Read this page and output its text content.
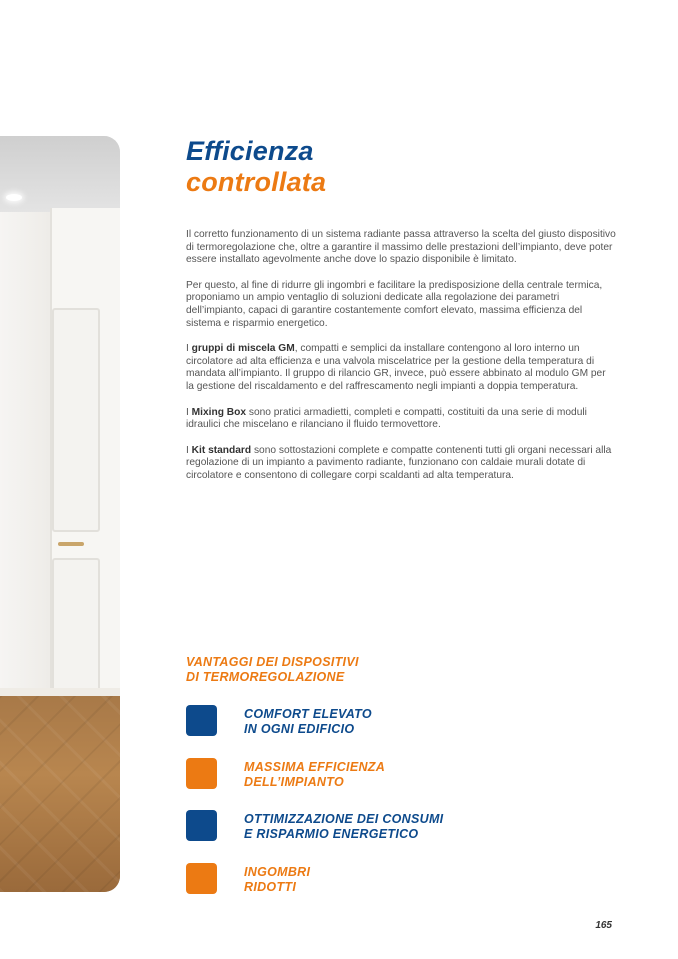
Efficienza
controllata

Il corretto funzionamento di un sistema radiante passa attraverso la scelta del giusto dispositivo di termoregolazione che, oltre a garantire il massimo delle prestazioni dell’impianto, deve poter essere installato agevolmente anche dove lo spazio disponibile è limitato.

Per questo, al fine di ridurre gli ingombri e facilitare la predisposizione della centrale termica, proponiamo un ampio ventaglio di soluzioni dedicate alla regolazione dei parametri dell’impianto, capaci di garantire costantemente comfort elevato, massima efficienza del sistema e risparmio energetico.

I gruppi di miscela GM, compatti e semplici da installare contengono al loro interno un circolatore ad alta efficienza e una valvola miscelatrice per la gestione della temperatura di mandata all’impianto. Il gruppo di rilancio GR, invece, può essere abbinato al modulo GM per la gestione del riscaldamento e del raffrescamento negli impianti a doppia temperatura.

I Mixing Box sono pratici armadietti, completi e compatti, costituiti da una serie di moduli idraulici che miscelano e rilanciano il fluido termovettore.

I Kit standard sono sottostazioni complete e compatte contenenti tutti gli organi necessari alla regolazione di un impianto a pavimento radiante, funzionano con caldaie murali dotate di circolatore e consentono di collegare corpi scaldanti ad alta temperatura.

VANTAGGI DEI DISPOSITIVI
DI TERMOREGOLAZIONE
COMFORT ELEVATO
IN OGNI EDIFICIO
MASSIMA EFFICIENZA
DELL’IMPIANTO
OTTIMIZZAZIONE DEI CONSUMI
E RISPARMIO ENERGETICO
INGOMBRI
RIDOTTI
165
